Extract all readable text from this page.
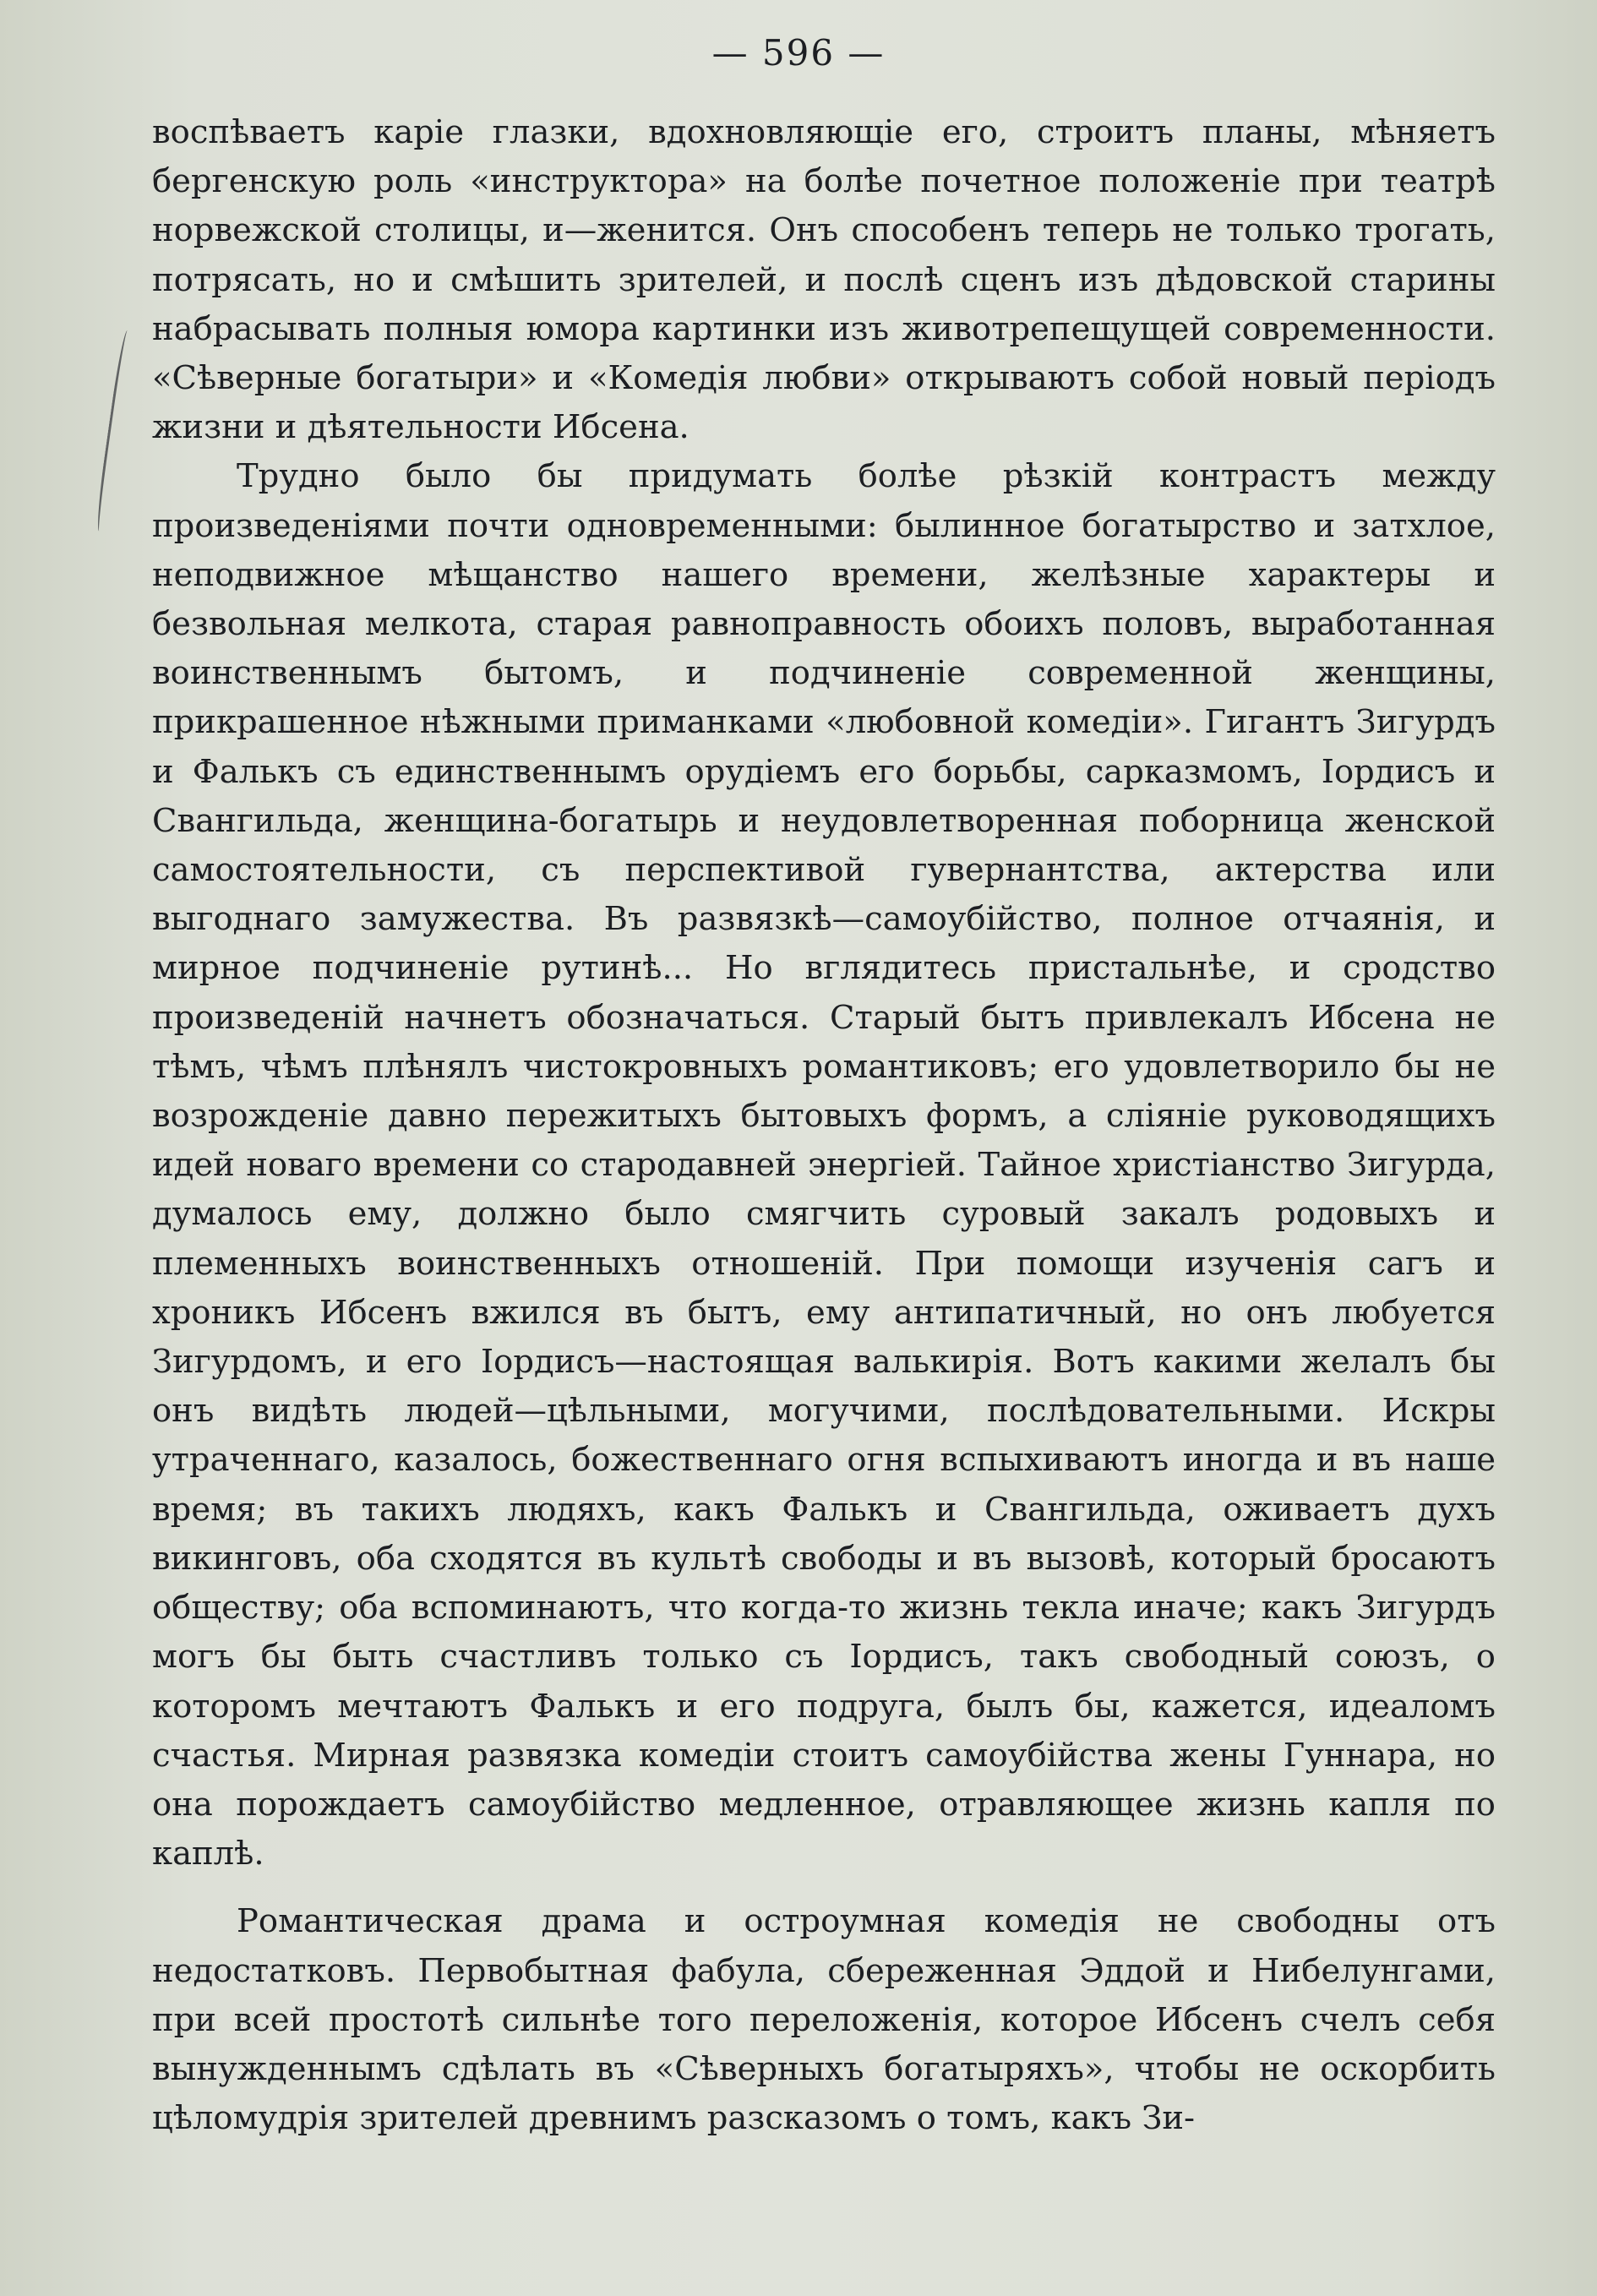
— 596 —

воспѣваетъ каріе глазки, вдохновляющіе его, строитъ планы, мѣняетъ бергенскую роль «инструктора» на болѣе почетное положеніе при театрѣ норвежской столицы, и—женится. Онъ способенъ теперь не только трогать, потрясать, но и смѣшить зрителей, и послѣ сценъ изъ дѣдовской старины набрасывать полныя юмора картинки изъ животрепещущей современности. «Сѣверные богатыри» и «Комедія любви» открываютъ собой новый періодъ жизни и дѣятельности Ибсена.

Трудно было бы придумать болѣе рѣзкій контрастъ между произведеніями почти одновременными: былинное богатырство и затхлое, неподвижное мѣщанство нашего времени, желѣзные характеры и безвольная мелкота, старая равноправность обоихъ половъ, выработанная воинственнымъ бытомъ, и подчиненіе современной женщины, прикрашенное нѣжными приманками «любовной комедіи». Гигантъ Зигурдъ и Фалькъ съ единственнымъ орудіемъ его борьбы, сарказмомъ, Іордисъ и Свангильда, женщина-богатырь и неудовлетворенная поборница женской самостоятельности, съ перспективой гувернантства, актерства или выгоднаго замужества. Въ развязкѣ—самоубійство, полное отчаянія, и мирное подчиненіе рутинѣ... Но вглядитесь пристальнѣе, и сродство произведеній начнетъ обозначаться. Старый бытъ привлекалъ Ибсена не тѣмъ, чѣмъ плѣнялъ чистокровныхъ романтиковъ; его удовлетворило бы не возрожденіе давно пережитыхъ бытовыхъ формъ, а сліяніе руководящихъ идей новаго времени со стародавней энергіей. Тайное христіанство Зигурда, думалось ему, должно было смягчить суровый закалъ родовыхъ и племенныхъ воинственныхъ отношеній. При помощи изученія сагъ и хроникъ Ибсенъ вжился въ бытъ, ему антипатичный, но онъ любуется Зигурдомъ, и его Іордисъ—настоящая валькирія. Вотъ какими желалъ бы онъ видѣть людей—цѣльными, могучими, послѣдовательными. Искры утраченнаго, казалось, божественнаго огня вспыхиваютъ иногда и въ наше время; въ такихъ людяхъ, какъ Фалькъ и Свангильда, оживаетъ духъ викинговъ, оба сходятся въ культѣ свободы и въ вызовѣ, который бросаютъ обществу; оба вспоминаютъ, что когда-то жизнь текла иначе; какъ Зигурдъ могъ бы быть счастливъ только съ Іордисъ, такъ свободный союзъ, о которомъ мечтаютъ Фалькъ и его подруга, былъ бы, кажется, идеаломъ счастья. Мирная развязка комедіи стоитъ самоубійства жены Гуннара, но она порождаетъ самоубійство медленное, отравляющее жизнь капля по каплѣ.

Романтическая драма и остроумная комедія не свободны отъ недостатковъ. Первобытная фабула, сбереженная Эддой и Нибелунгами, при всей простотѣ сильнѣе того переложенія, которое Ибсенъ счелъ себя вынужденнымъ сдѣлать въ «Сѣверныхъ богатыряхъ», чтобы не оскорбить цѣломудрія зрителей древнимъ разсказомъ о томъ, какъ Зи-
